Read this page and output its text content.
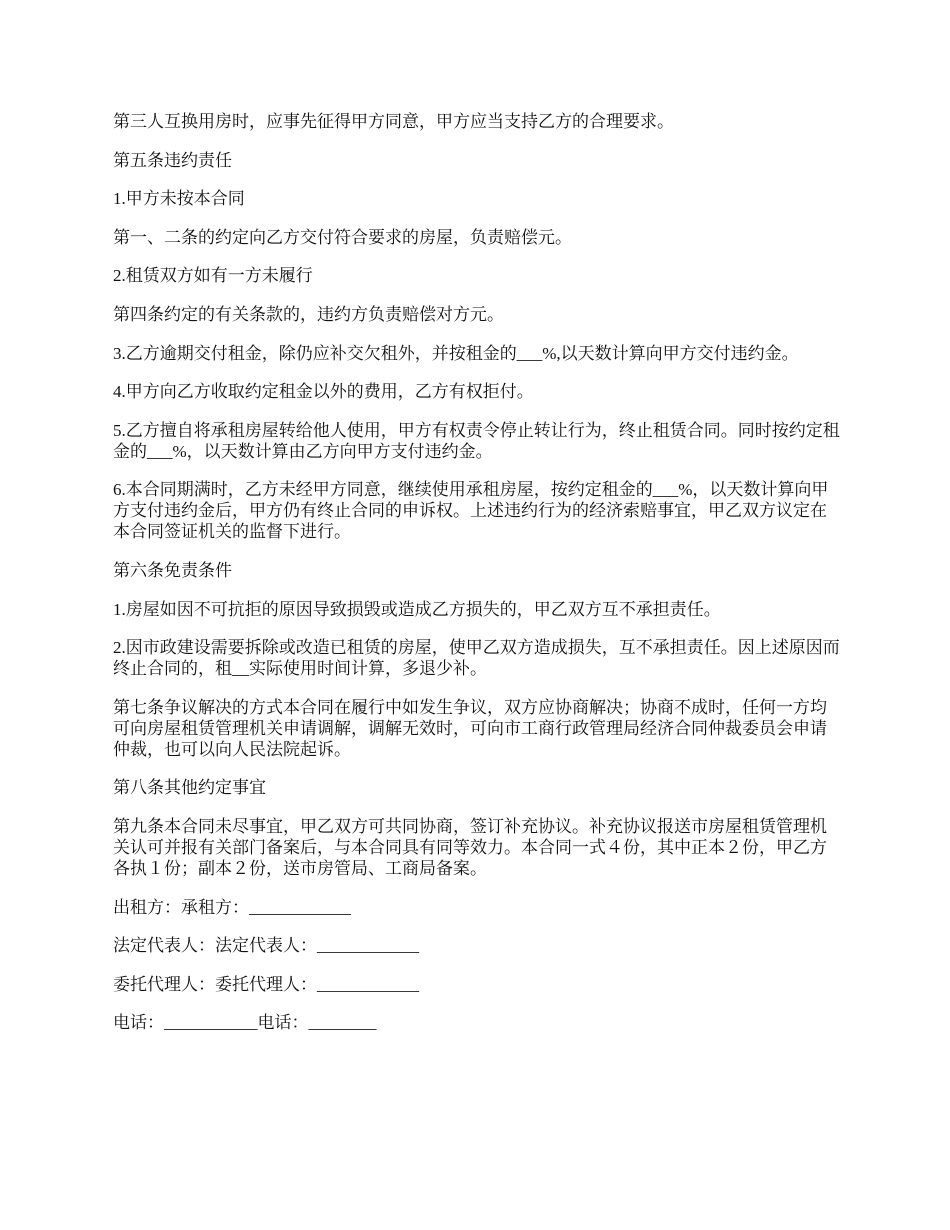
第三人互换用房时，应事先征得甲方同意，甲方应当支持乙方的合理要求。

第五条违约责任

1.甲方未按本合同

第一、二条的约定向乙方交付符合要求的房屋，负责赔偿元。

2.租赁双方如有一方未履行

第四条约定的有关条款的，违约方负责赔偿对方元。

3.乙方逾期交付租金，除仍应补交欠租外，并按租金的___%,以天数计算向甲方交付违约金。

4.甲方向乙方收取约定租金以外的费用，乙方有权拒付。

5.乙方擅自将承租房屋转给他人使用，甲方有权责令停止转让行为，终止租赁合同。同时按约定租金的___%，以天数计算由乙方向甲方支付违约金。

6.本合同期满时，乙方未经甲方同意，继续使用承租房屋，按约定租金的___%，以天数计算向甲方支付违约金后，甲方仍有终止合同的申诉权。上述违约行为的经济索赔事宜，甲乙双方议定在本合同签证机关的监督下进行。

第六条免责条件

1.房屋如因不可抗拒的原因导致损毁或造成乙方损失的，甲乙双方互不承担责任。

2.因市政建设需要拆除或改造已租赁的房屋，使甲乙双方造成损失，互不承担责任。因上述原因而终止合同的，租__实际使用时间计算，多退少补。

第七条争议解决的方式本合同在履行中如发生争议，双方应协商解决；协商不成时，任何一方均可向房屋租赁管理机关申请调解，调解无效时，可向市工商行政管理局经济合同仲裁委员会申请仲裁，也可以向人民法院起诉。

第八条其他约定事宜

第九条本合同未尽事宜，甲乙双方可共同协商，签订补充协议。补充协议报送市房屋租赁管理机关认可并报有关部门备案后，与本合同具有同等效力。本合同一式４份，其中正本２份，甲乙方各执１份；副本２份，送市房管局、工商局备案。

出租方：承租方：____________

法定代表人：法定代表人：____________

委托代理人：委托代理人：____________

电话：___________电话：________
